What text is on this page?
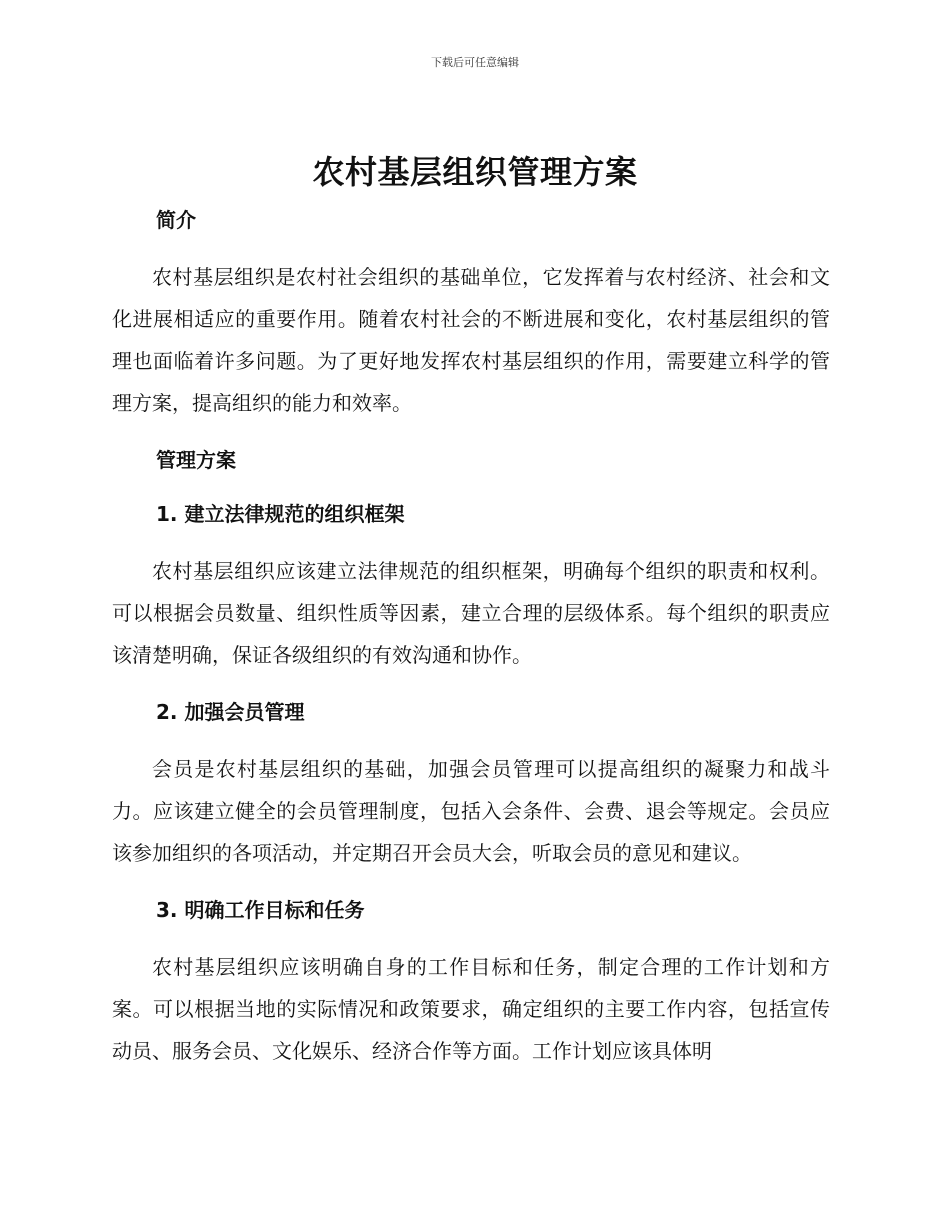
下载后可任意编辑
农村基层组织管理方案
简介

农村基层组织是农村社会组织的基础单位，它发挥着与农村经济、社会和文化进展相适应的重要作用。随着农村社会的不断进展和变化，农村基层组织的管理也面临着许多问题。为了更好地发挥农村基层组织的作用，需要建立科学的管理方案，提高组织的能力和效率。

管理方案
1. 建立法律规范的组织框架

农村基层组织应该建立法律规范的组织框架，明确每个组织的职责和权利。可以根据会员数量、组织性质等因素，建立合理的层级体系。每个组织的职责应该清楚明确，保证各级组织的有效沟通和协作。

2. 加强会员管理

会员是农村基层组织的基础，加强会员管理可以提高组织的凝聚力和战斗力。应该建立健全的会员管理制度，包括入会条件、会费、退会等规定。会员应该参加组织的各项活动，并定期召开会员大会，听取会员的意见和建议。

3. 明确工作目标和任务

农村基层组织应该明确自身的工作目标和任务，制定合理的工作计划和方案。可以根据当地的实际情况和政策要求，确定组织的主要工作内容，包括宣传动员、服务会员、文化娱乐、经济合作等方面。工作计划应该具体明
